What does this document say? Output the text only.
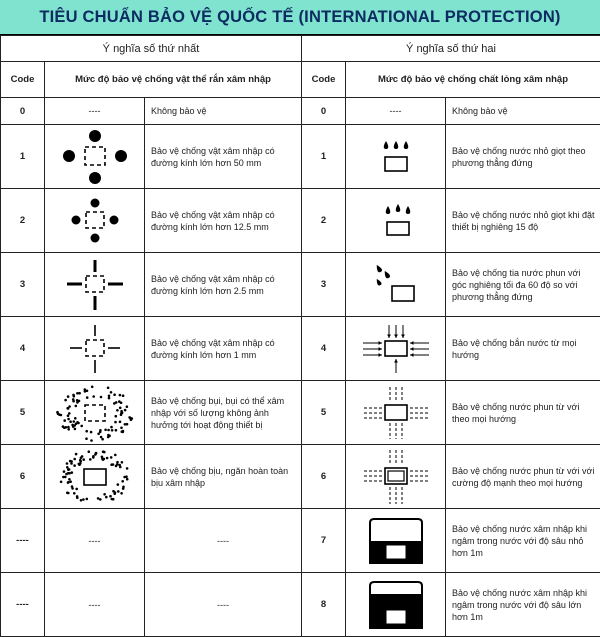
TIÊU CHUẨN BẢO VỆ QUỐC TẾ (INTERNATIONAL PROTECTION)
Ý nghĩa số thứ nhất			Ý nghĩa số thứ hai		
Code	Mức độ bảo vệ chống vật thể rắn xâm nhập		Code	Mức độ bảo vệ chống chất lỏng xâm nhập	
0	----	Không bảo vệ	0	----	Không bảo vệ
1		Bảo vệ chống vật xâm nhập có đường kính lớn hơn 50 mm	1		Bảo vệ chống nước nhỏ giọt theo phương thẳng đứng
2		Bảo vệ chống vật xâm nhập có đường kính lớn hơn 12.5 mm	2		Bảo vệ chống nước nhỏ giọt khi đặt thiết bị nghiêng 15 độ
3		Bảo vệ chống vật xâm nhập có đường kính lớn hơn 2.5 mm	3		Bảo vệ chống tia nước phun với góc nghiêng tối đa 60 độ so với phương thẳng đứng
4		Bảo vệ chống vật xâm nhập có đường kính lớn hơn 1 mm	4		Bảo vệ chống bắn nước từ mọi hướng
5		Bảo vệ chống bụi, bụi có thể xâm nhập với số lượng không ảnh hưởng tới hoạt động thiết bị	5		Bảo vệ chống nước phun từ với theo mọi hướng
6		Bảo vệ chống bịu, ngăn hoàn toàn bịu xâm nhập	6		Bảo vệ chống nước phun từ với với cường độ mạnh theo mọi hướng
----	----	----	7		Bảo vệ chống nước xâm nhập khi ngâm trong nước với độ sâu nhỏ hơn 1m
----	----	----	8		Bảo vệ chống nước xâm nhập khi ngâm trong nước với độ sâu lớn hơn 1m
